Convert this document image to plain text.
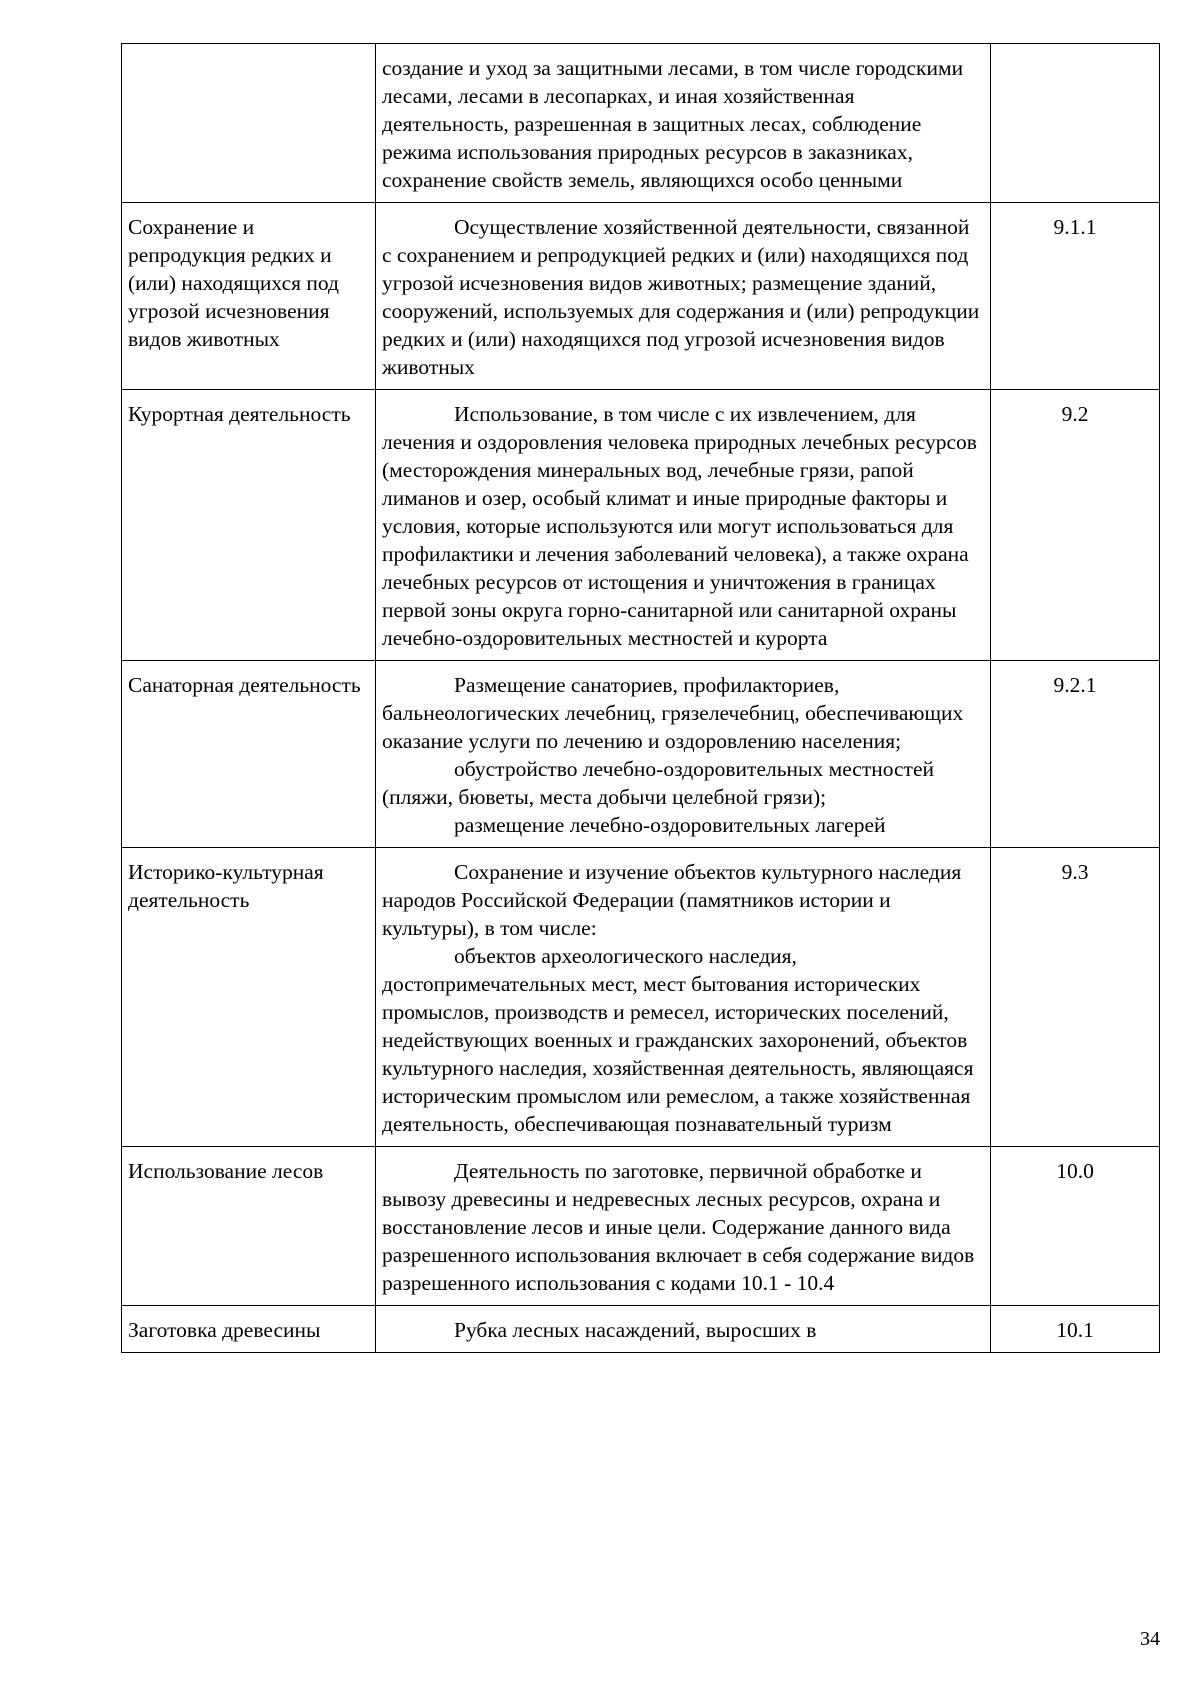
	создание и уход за защитными лесами, в том числе городскими лесами, лесами в лесопарках, и иная хозяйственная деятельность, разрешенная в защитных лесах, соблюдение режима использования природных ресурсов в заказниках, сохранение свойств земель, являющихся особо ценными	

Сохранение и репродукция редких и (или) находящихся под угрозой исчезновения видов животных	Осуществление хозяйственной деятельности, связанной с сохранением и репродукцией редких и (или) находящихся под угрозой исчезновения видов животных; размещение зданий, сооружений, используемых для содержания и (или) репродукции редких и (или) находящихся под угрозой исчезновения видов животных	9.1.1
Курортная деятельность	Использование, в том числе с их извлечением, для лечения и оздоровления человека природных лечебных ресурсов (месторождения минеральных вод, лечебные грязи, рапой лиманов и озер, особый климат и иные природные факторы и условия, которые используются или могут использоваться для профилактики и лечения заболеваний человека), а также охрана лечебных ресурсов от истощения и уничтожения в границах первой зоны округа горно-санитарной или санитарной охраны лечебно-оздоровительных местностей и курорта	9.2
Санаторная деятельность	Размещение санаториев, профилакториев, бальнеологических лечебниц, грязелечебниц, обеспечивающих оказание услуги по лечению и оздоровлению населения;

обустройство лечебно-оздоровительных местностей (пляжи, бюветы, места добычи целебной грязи);

размещение лечебно-оздоровительных лагерей	9.2.1
Историко-культурная деятельность	Сохранение и изучение объектов культурного наследия народов Российской Федерации (памятников истории и культуры), в том числе:

объектов археологического наследия, достопримечательных мест, мест бытования исторических промыслов, производств и ремесел, исторических поселений, недействующих военных и гражданских захоронений, объектов культурного наследия, хозяйственная деятельность, являющаяся историческим промыслом или ремеслом, а также хозяйственная деятельность, обеспечивающая познавательный туризм	9.3
Использование лесов	Деятельность по заготовке, первичной обработке и вывозу древесины и недревесных лесных ресурсов, охрана и восстановление лесов и иные цели. Содержание данного вида разрешенного использования включает в себя содержание видов разрешенного использования с кодами 10.1 - 10.4	10.0
Заготовка древесины	Рубка лесных насаждений, выросших в	10.1
34
